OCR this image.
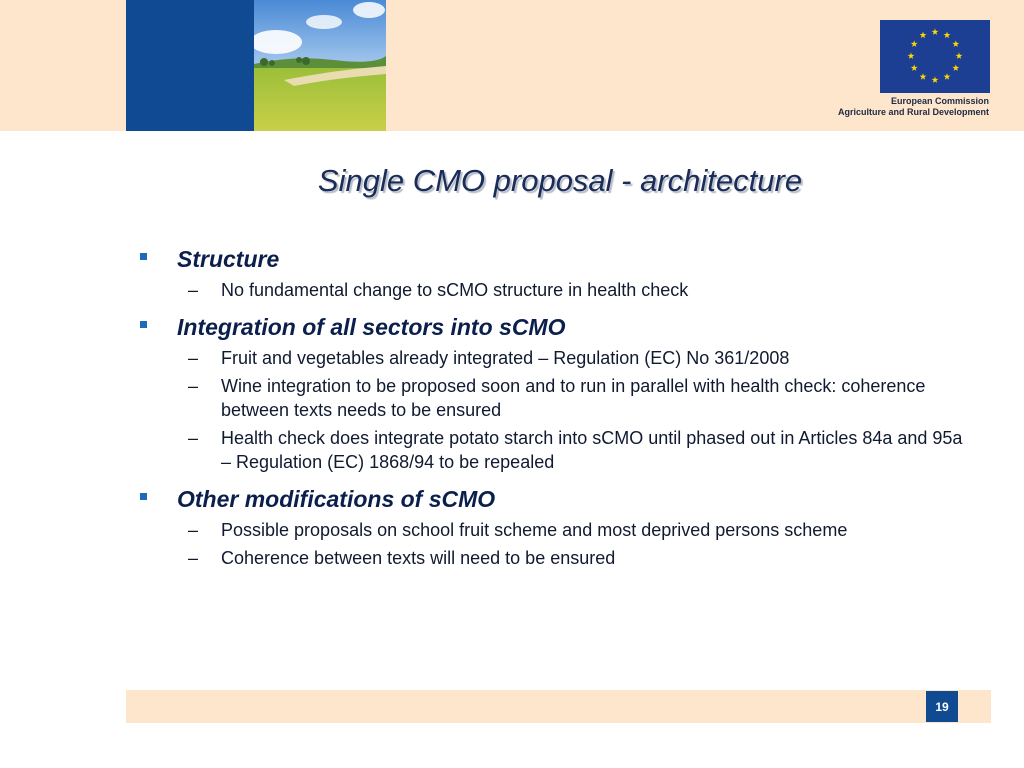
European Commission
Agriculture and Rural Development
Single CMO proposal - architecture
Structure
– No fundamental change to sCMO structure in health check
Integration of all sectors into sCMO
– Fruit and vegetables already integrated – Regulation (EC) No 361/2008
– Wine integration to be proposed soon and to run in parallel with health check: coherence between texts needs to be ensured
– Health check does integrate potato starch into sCMO until phased out in Articles 84a and 95a – Regulation (EC) 1868/94 to be repealed
Other modifications of sCMO
– Possible proposals on school fruit scheme and most deprived persons scheme
– Coherence between texts will need to be ensured
19
